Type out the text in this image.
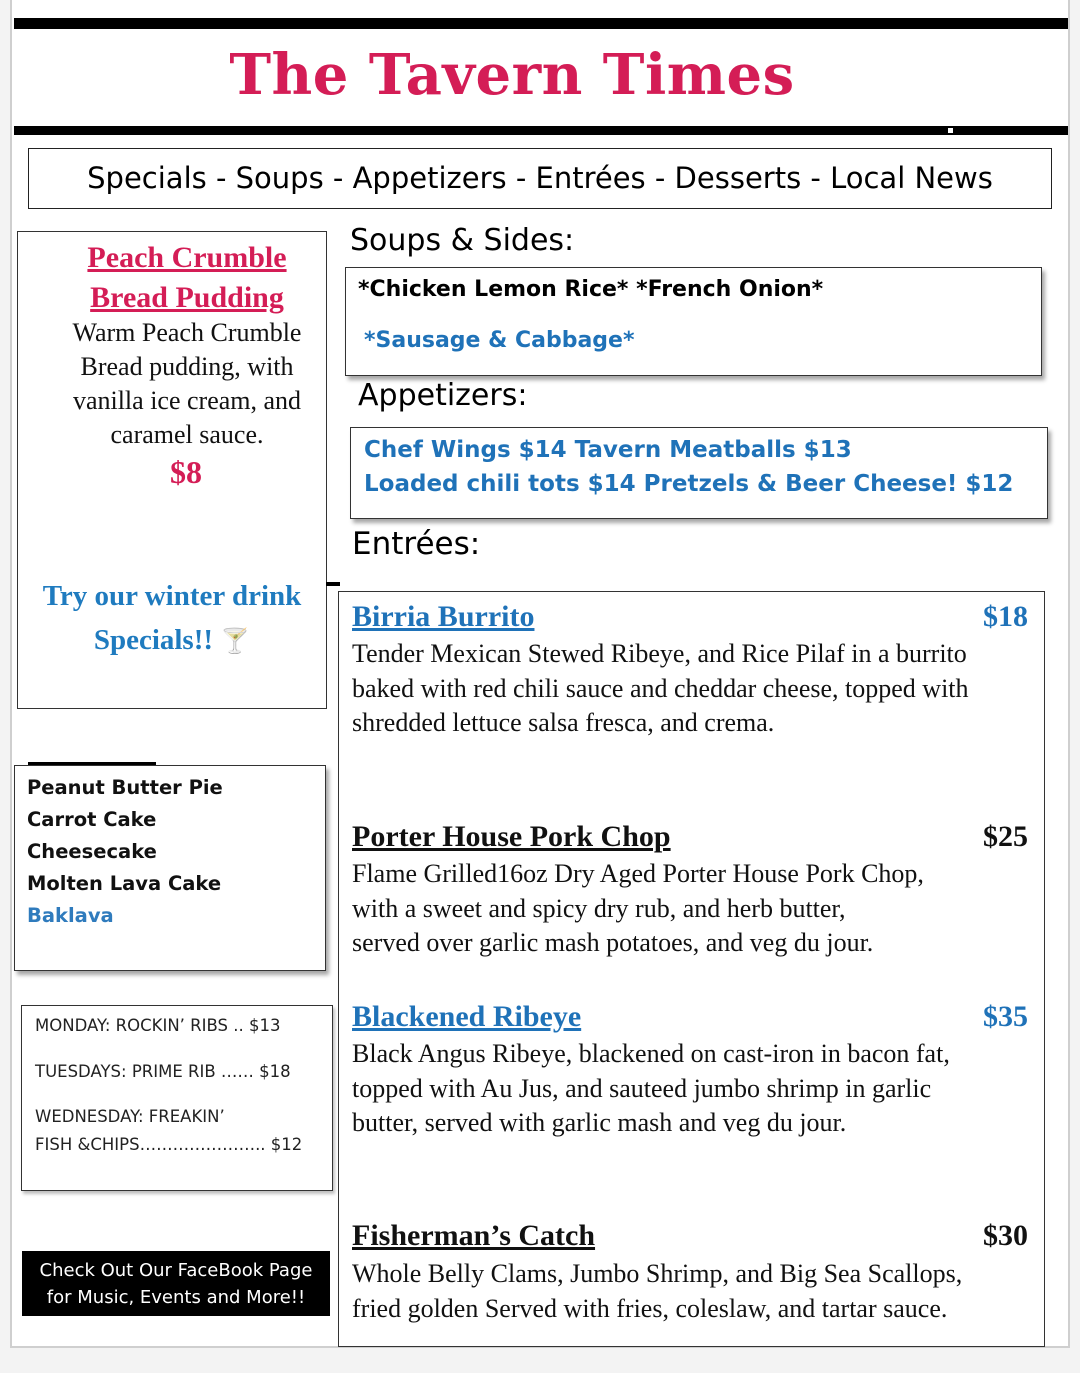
The Tavern Times
Specials - Soups - Appetizers - Entrées - Desserts - Local News
Peach Crumble
Bread Pudding
Warm Peach Crumble Bread pudding, with vanilla ice cream, and caramel sauce.
$8
Try our winter drink
Specials!! 🍸
Soups & Sides:
*Chicken Lemon Rice* *French Onion*
*Sausage & Cabbage*
Appetizers:
Chef Wings $14 Tavern Meatballs $13
Loaded chili tots $14 Pretzels & Beer Cheese! $12
Entrées:
Birria Burrito	$18
Tender Mexican Stewed Ribeye, and Rice Pilaf in a burrito
baked with red chili sauce and cheddar cheese, topped with
shredded lettuce salsa fresca, and crema.
Porter House Pork Chop	$25
Flame Grilled16oz Dry Aged Porter House Pork Chop,
with a sweet and spicy dry rub, and herb butter,
served over garlic mash potatoes, and veg du jour.
Blackened Ribeye	$35
Black Angus Ribeye, blackened on cast-iron in bacon fat,
topped with Au Jus, and sauteed jumbo shrimp in garlic
butter, served with garlic mash and veg du jour.
Fisherman’s Catch	$30
Whole Belly Clams, Jumbo Shrimp, and Big Sea Scallops,
fried golden Served with fries, coleslaw, and tartar sauce.
Peanut Butter Pie
Carrot Cake
Cheesecake
Molten Lava Cake
Baklava
MONDAY: ROCKIN’ RIBS .. $13
TUESDAYS: PRIME RIB …… $18
WEDNESDAY: FREAKIN’
FISH &CHIPS………………….. $12
Check Out Our FaceBook Page
for Music, Events and More!!
